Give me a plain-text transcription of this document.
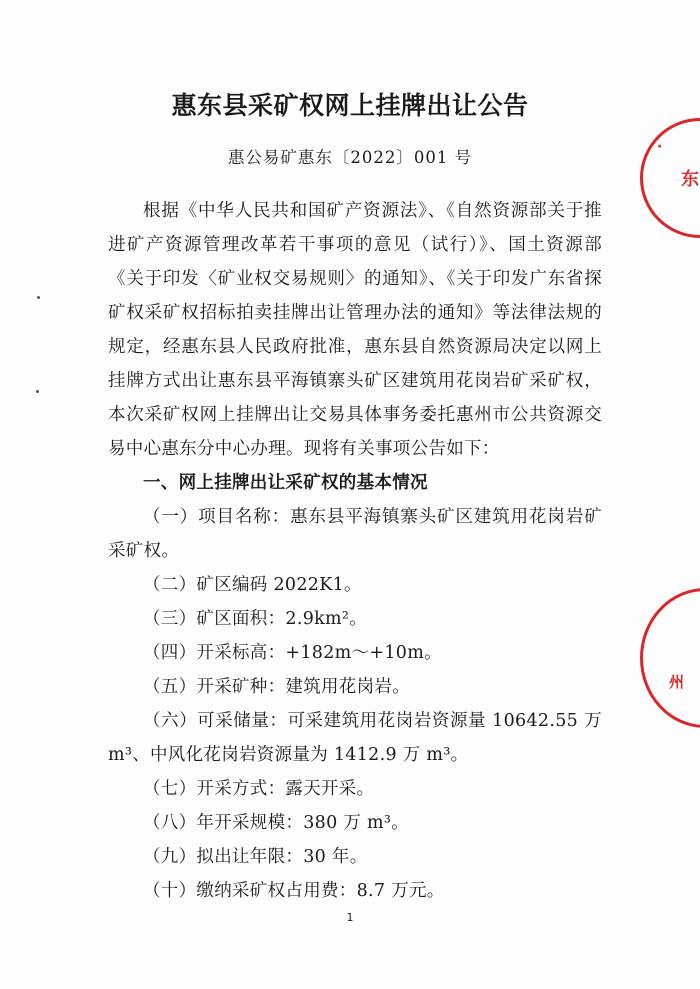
惠东县采矿权网上挂牌出让公告
惠公易矿惠东〔2022〕001 号

根据《中华人民共和国矿产资源法》、《自然资源部关于推进矿产资源管理改革若干事项的意见（试行）》、国土资源部《关于印发〈矿业权交易规则〉的通知》、《关于印发广东省探矿权采矿权招标拍卖挂牌出让管理办法的通知》等法律法规的规定，经惠东县人民政府批准，惠东县自然资源局决定以网上挂牌方式出让惠东县平海镇寨头矿区建筑用花岗岩矿采矿权，本次采矿权网上挂牌出让交易具体事务委托惠州市公共资源交易中心惠东分中心办理。现将有关事项公告如下：

一、网上挂牌出让采矿权的基本情况

（一）项目名称：惠东县平海镇寨头矿区建筑用花岗岩矿采矿权。

（二）矿区编码 2022K1。

（三）矿区面积：2.9km²。

（四）开采标高：+182m～+10m。

（五）开采矿种：建筑用花岗岩。

（六）可采储量：可采建筑用花岗岩资源量 10642.55 万 m³、中风化花岗岩资源量为 1412.9 万 m³。

（七）开采方式：露天开采。

（八）年开采规模：380 万 m³。

（九）拟出让年限：30 年。

（十）缴纳采矿权占用费：8.7 万元。

1
东
·
州
